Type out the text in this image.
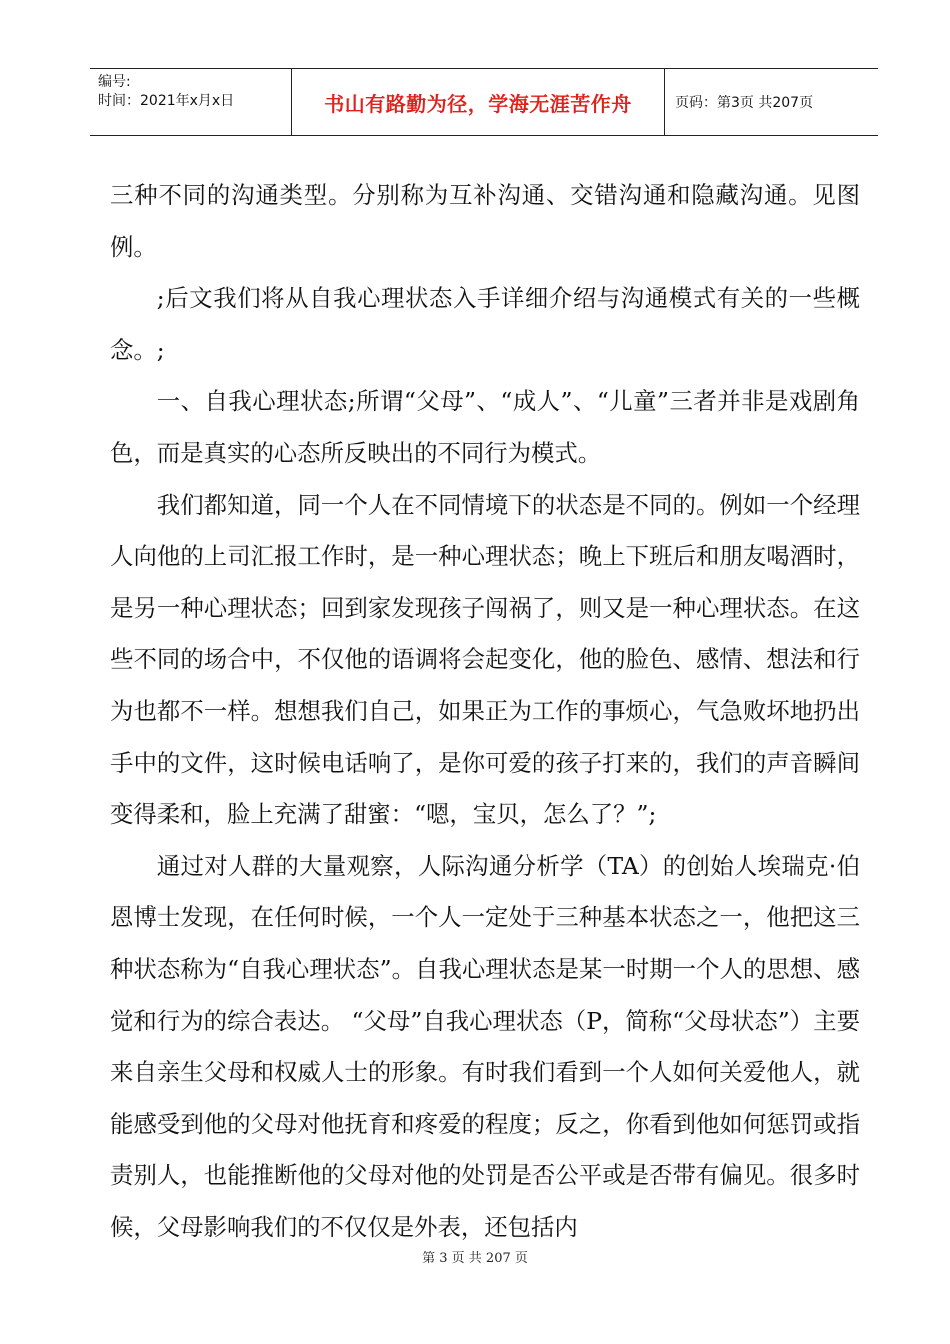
编号:
时间：2021年x月x日	书山有路勤为径，学海无涯苦作舟	页码：第3页 共207页

三种不同的沟通类型。分别称为互补沟通、交错沟通和隐藏沟通。见图例。

;后文我们将从自我心理状态入手详细介绍与沟通模式有关的一些概念。;

一、自我心理状态;所谓“父母”、“成人”、“儿童”三者并非是戏剧角色，而是真实的心态所反映出的不同行为模式。

我们都知道，同一个人在不同情境下的状态是不同的。例如一个经理人向他的上司汇报工作时，是一种心理状态；晚上下班后和朋友喝酒时，是另一种心理状态；回到家发现孩子闯祸了，则又是一种心理状态。在这些不同的场合中，不仅他的语调将会起变化，他的脸色、感情、想法和行为也都不一样。想想我们自己，如果正为工作的事烦心，气急败坏地扔出手中的文件，这时候电话响了，是你可爱的孩子打来的，我们的声音瞬间变得柔和，脸上充满了甜蜜：“嗯，宝贝，怎么了？”;

通过对人群的大量观察，人际沟通分析学（TA）的创始人埃瑞克·伯恩博士发现，在任何时候，一个人一定处于三种基本状态之一，他把这三种状态称为“自我心理状态”。自我心理状态是某一时期一个人的思想、感觉和行为的综合表达。 “父母”自我心理状态（P，简称“父母状态”）主要来自亲生父母和权威人士的形象。有时我们看到一个人如何关爱他人，就能感受到他的父母对他抚育和疼爱的程度；反之，你看到他如何惩罚或指责别人，也能推断他的父母对他的处罚是否公平或是否带有偏见。很多时候，父母影响我们的不仅仅是外表，还包括内

第 3 页 共 207 页
